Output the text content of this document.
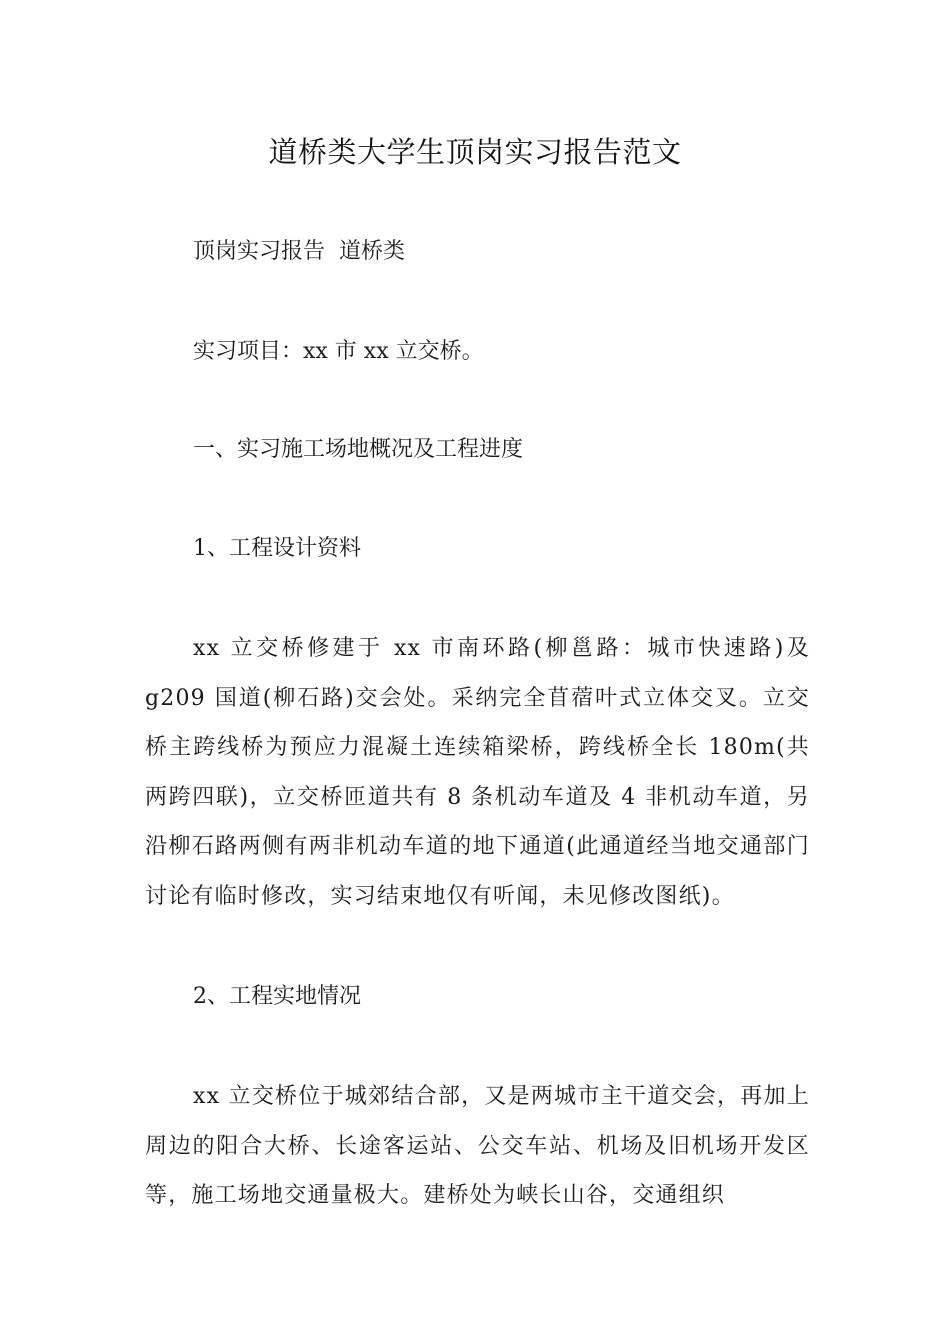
道桥类大学生顶岗实习报告范文

顶岗实习报告  道桥类

实习项目：xx 市 xx 立交桥。

一、实习施工场地概况及工程进度

1、工程设计资料

xx 立交桥修建于 xx 市南环路(柳邕路：城市快速路)及 g209 国道(柳石路)交会处。采纳完全苜蓿叶式立体交叉。立交桥主跨线桥为预应力混凝土连续箱梁桥，跨线桥全长 180m(共两跨四联)，立交桥匝道共有 8 条机动车道及 4 非机动车道，另沿柳石路两侧有两非机动车道的地下通道(此通道经当地交通部门讨论有临时修改，实习结束地仅有听闻，未见修改图纸)。

2、工程实地情况

xx 立交桥位于城郊结合部，又是两城市主干道交会，再加上周边的阳合大桥、长途客运站、公交车站、机场及旧机场开发区等，施工场地交通量极大。建桥处为峡长山谷，交通组织
